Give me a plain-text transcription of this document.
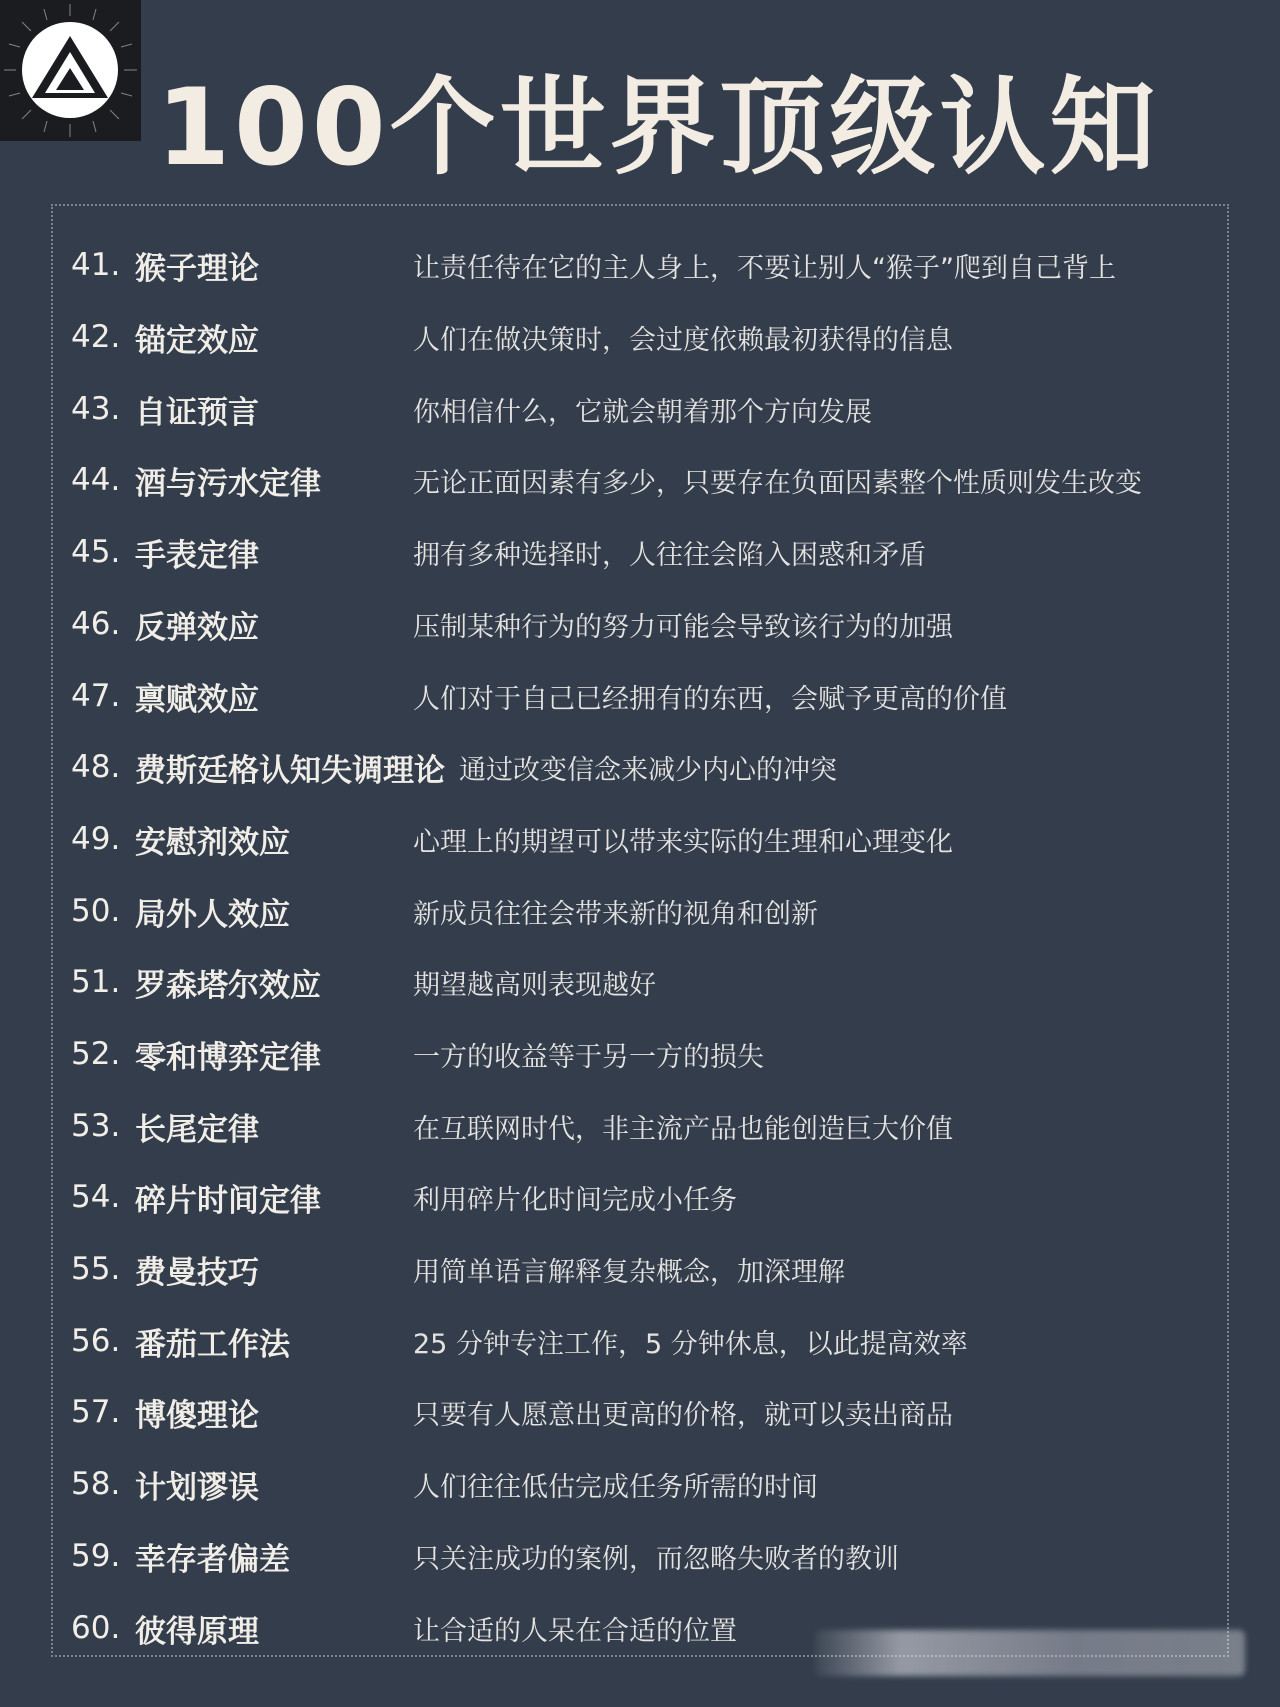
100个世界顶级认知
41. 猴子理论	让责任待在它的主人身上，不要让别人“猴子”爬到自己背上
42. 锚定效应	人们在做决策时，会过度依赖最初获得的信息
43. 自证预言	你相信什么，它就会朝着那个方向发展
44. 酒与污水定律	无论正面因素有多少，只要存在负面因素整个性质则发生改变
45. 手表定律	拥有多种选择时，人往往会陷入困惑和矛盾
46. 反弹效应	压制某种行为的努力可能会导致该行为的加强
47. 禀赋效应	人们对于自己已经拥有的东西，会赋予更高的价值
48. 费斯廷格认知失调理论 通过改变信念来减少内心的冲突
49. 安慰剂效应	心理上的期望可以带来实际的生理和心理变化
50. 局外人效应	新成员往往会带来新的视角和创新
51. 罗森塔尔效应	期望越高则表现越好
52. 零和博弈定律	一方的收益等于另一方的损失
53. 长尾定律	在互联网时代，非主流产品也能创造巨大价值
54. 碎片时间定律	利用碎片化时间完成小任务
55. 费曼技巧	用简单语言解释复杂概念，加深理解
56. 番茄工作法	25 分钟专注工作，5 分钟休息，以此提高效率
57. 博傻理论	只要有人愿意出更高的价格，就可以卖出商品
58. 计划谬误	人们往往低估完成任务所需的时间
59. 幸存者偏差	只关注成功的案例，而忽略失败者的教训
60. 彼得原理	让合适的人呆在合适的位置
